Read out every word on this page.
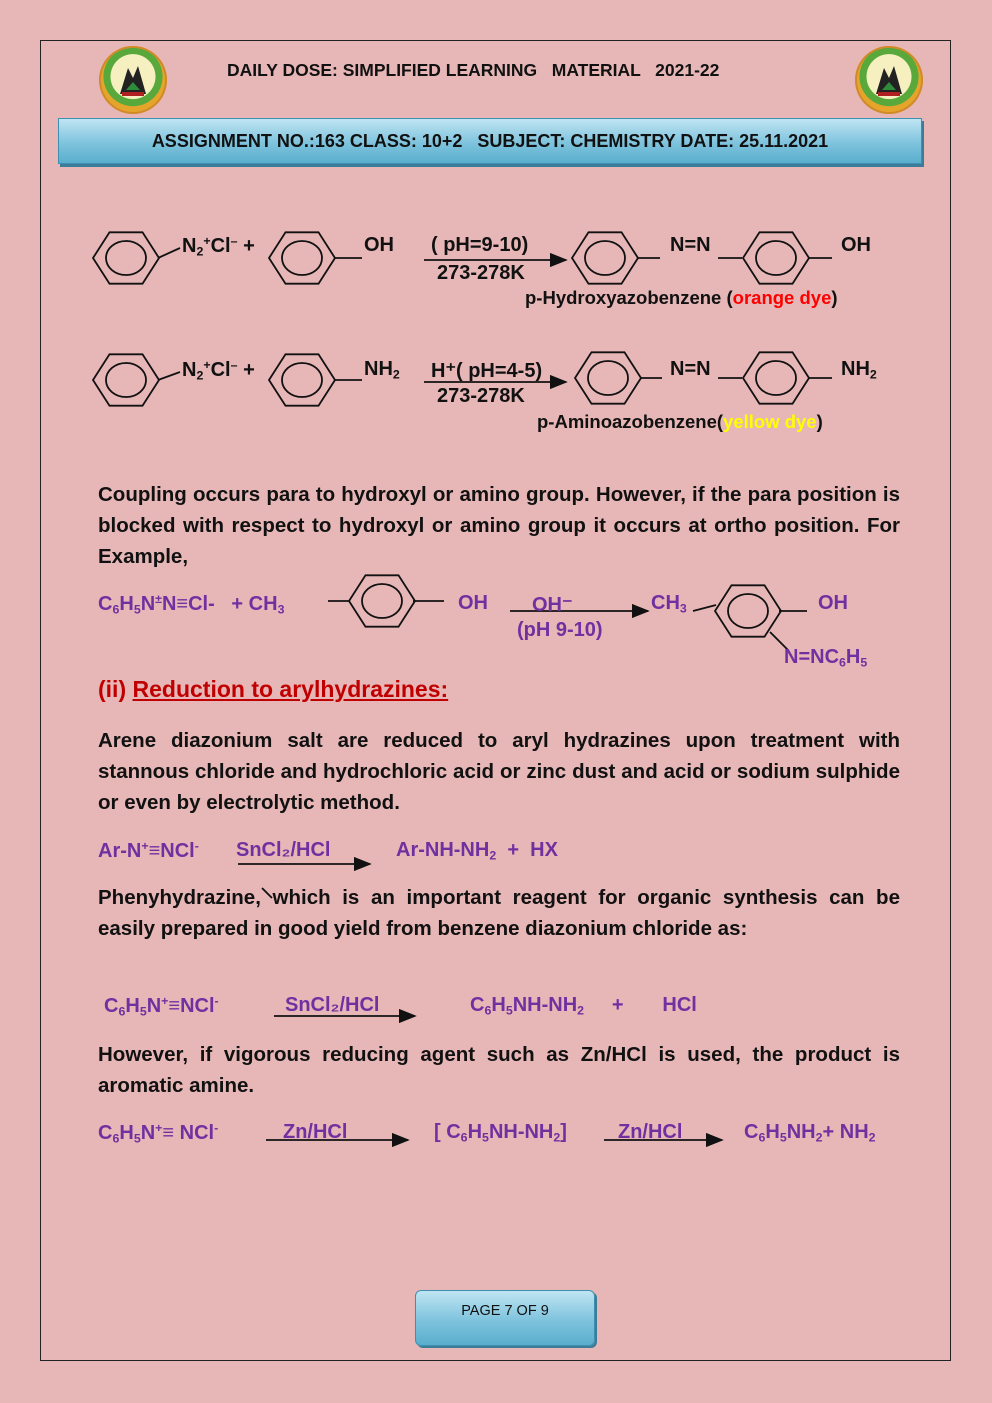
DAILY DOSE: SIMPLIFIED LEARNING   MATERIAL   2021-22
ASSIGNMENT NO.:163 CLASS: 10+2   SUBJECT: CHEMISTRY DATE: 25.11.2021
$N_2^+Cl^-$ +	OH ( pH=9-10)
273-278K
N=N	OH
p-Hydroxyazobenzene (orange dye)
$N_2^+Cl^-$ +	$NH_2$ H⁺( pH=4-5)
273-278K
N=N	$NH_2$
p-Aminoazobenzene(yellow dye)
Coupling occurs para to hydroxyl or amino group. However, if the para position is blocked with respect to hydroxyl or amino group it occurs at ortho position. For Example,
$C_6H_5N^\pm N\equiv Cl- + CH_3$	OH OH⁻
(pH 9-10)
$CH_3$	OH
$N=NC_6H_5$
(ii) Reduction to arylhydrazines:
Arene diazonium salt are reduced to aryl hydrazines upon treatment with stannous chloride and hydrochloric acid or zinc dust and acid or sodium sulphide or even by electrolytic method.
Ar-N+≡NCl- SnCl₂/HCl	$Ar-NH-NH_2$  +  HX
Phenyhydrazine, which is an important reagent for organic synthesis can be easily prepared in good yield from benzene diazonium chloride as:
$C_6H_5N^+\equiv NCl^-$	SnCl₂/HCl	$C_6H_5NH-NH_2$     +       HCl
However, if vigorous reducing agent such as Zn/HCl is used, the product is aromatic amine.
$C_6H_5N^+\equiv NCl^-$	Zn/HCl	[ $C_6H_5NH-NH_2$]	Zn/HCl	$C_6H_5NH_2+ NH_2$
PAGE 7 OF 9
